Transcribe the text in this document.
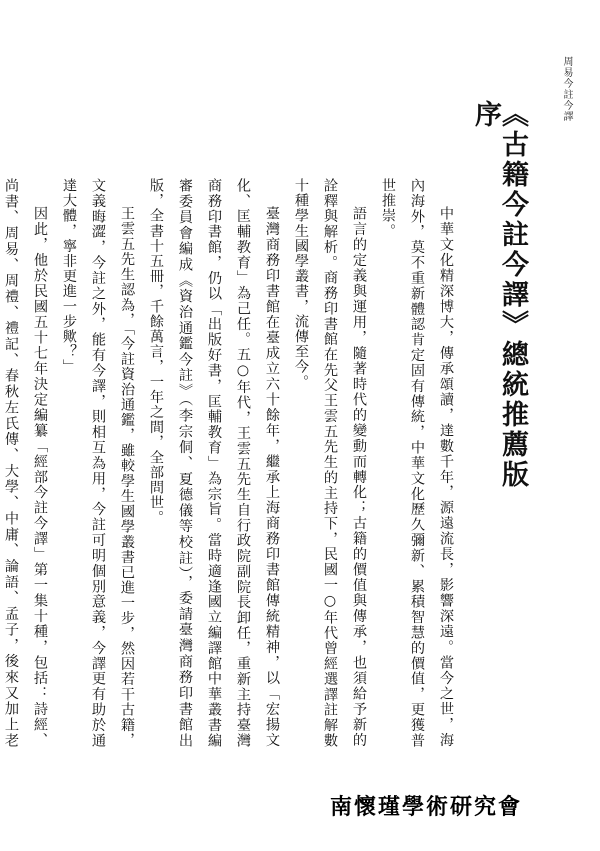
周易今註今譯
《古籍今註今譯》總統推薦版序

中華文化精深博大，傳承頌讀，達數千年，源遠流長，影響深遠。當今之世，海內海外，莫不重新體認肯定固有傳統，中華文化歷久彌新、累積智慧的價值，更獲普世推崇。

語言的定義與運用，隨著時代的變動而轉化；古籍的價值與傳承，也須給予新的詮釋與解析。商務印書館在先父王雲五先生的主持下，民國一○年代曾經選譯註解數十種學生國學叢書，流傳至今。

臺灣商務印書館在臺成立六十餘年，繼承上海商務印書館傳統精神，以「宏揚文化、匡輔教育」為己任。五○年代，王雲五先生自行政院副院長卸任，重新主持臺灣商務印書館，仍以「出版好書，匡輔教育」為宗旨。當時適逢國立編譯館中華叢書編審委員會編成《資治通鑑今註》（李宗侗、夏德儀等校註），委請臺灣商務印書館出版，全書十五冊，千餘萬言，一年之間，全部問世。

王雲五先生認為，「今註資治通鑑，雖較學生國學叢書已進一步，然因若干古籍，文義晦澀，今註之外，能有今譯，則相互為用，今註可明個別意義，今譯更有助於通達大體，寧非更進一步歟？」

因此，他於民國五十七年決定編纂「經部今註今譯」第一集十種，包括：詩經、尚書、周易、周禮、禮記、春秋左氏傳、大學、中庸、論語、孟子，後來又加上老

南懷瑾學術研究會
